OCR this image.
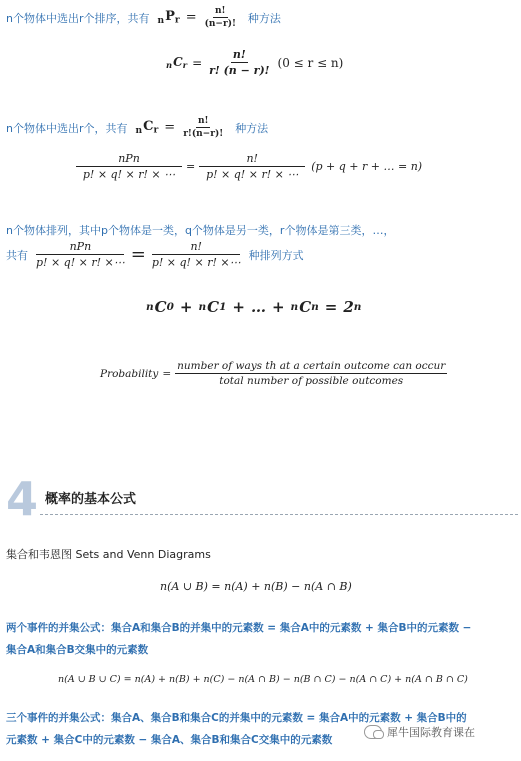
n个物体中选出r个排序，共有 $nP_r = \frac{n!}{(n-r)!}$ 种方法
$nC_r = \frac{n!}{r! (n - r)!} (0 \le r \le n)$
n个物体中选出r个，共有 $nC_r = \frac{n!}{r!(n-r)!}$ 种方法
$\frac{\text{nPn}}{p! \times q! \times r! \times \cdots} = \frac{n!}{p! \times q! \times r! \times \cdots} (p + q + r$ + … = n)
n个物体排列，其中p个物体是一类，q个物体是另一类，r个物体是第三类，…，
共有 $\frac{\text{nPn}}{p! \times q! \times r! \times\cdots} = \frac{n!}{p! \times q! \times r! \times\cdots}$ 种排列方式
n C 0 + n C 1 + … + n C n = 2 n
Probability = $\frac{\text{number of ways tℎ at a certain outcome can occur}}{\text{total number of possible outcomes}}$
4 概率的基本公式
集合和韦恩图 Sets and Venn Diagrams
n(A ∪ B) = n(A) + n(B) − n(A ∩ B)
两个事件的并集公式：集合A和集合B的并集中的元素数 = 集合A中的元素数 + 集合B中的元素数 −
集合A和集合B交集中的元素数
n(A ∪ B ∪ C) = n(A) + n(B) + n(C) − n(A ∩ B) − n(B ∩ C) − n(A ∩ C) + n(A ∩ B ∩ C)
三个事件的并集公式：集合A、集合B和集合C的并集中的元素数 = 集合A中的元素数 + 集合B中的
元素数 + 集合C中的元素数 − 集合A、集合B和集合C交集中的元素数
犀牛国际教育课在
